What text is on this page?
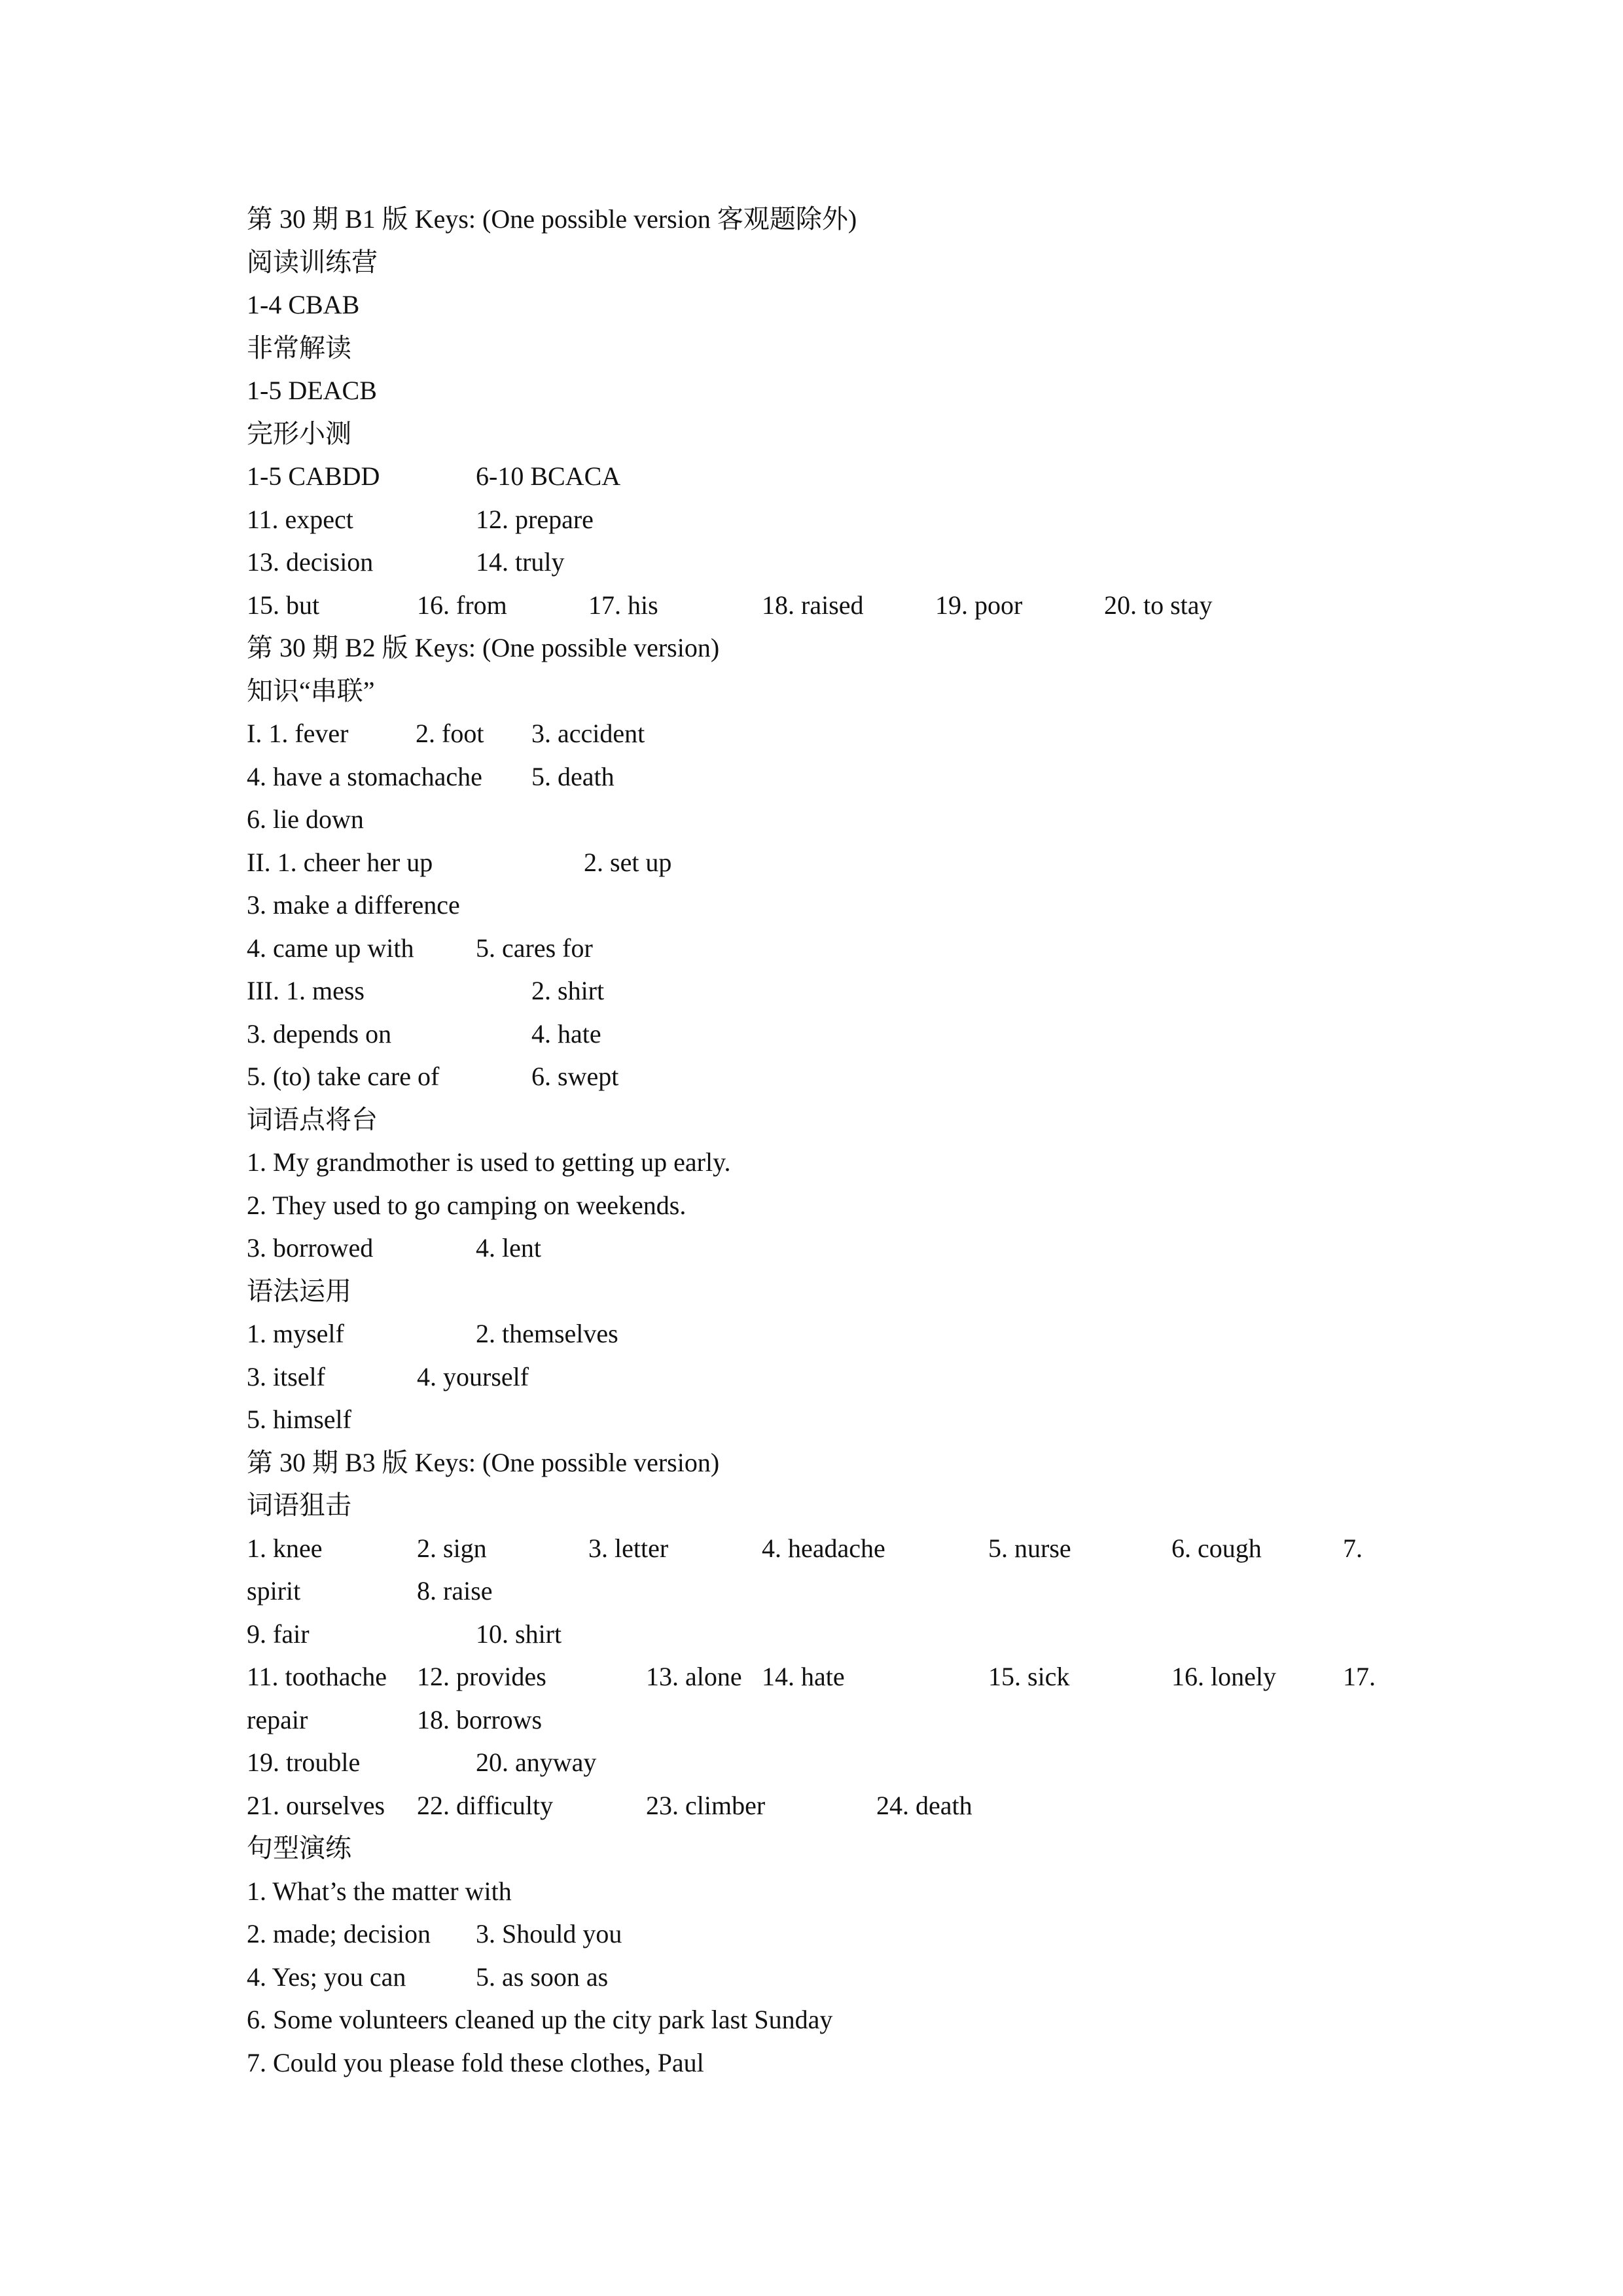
第 30 期 B1 版 Keys: (One possible version 客观题除外)
阅读训练营
1-4 CBAB
非常解读
1-5 DEACB
完形小测
1-5 CABDD	6-10 BCACA
11. expect	12. prepare
13. decision	14. truly
15. but	16. from	17. his	18. raised	19. poor	20. to stay
第 30 期 B2 版 Keys: (One possible version)
知识“串联”
I. 1. fever	2. foot 3. accident
4. have a stomachache 5. death
6. lie down
II. 1. cheer her up	2. set up
3. make a difference
4. came up with 5. cares for
III. 1. mess	2. shirt
3. depends on	4. hate
5. (to) take care of	6. swept
词语点将台
1. My grandmother is used to getting up early.
2. They used to go camping on weekends.
3. borrowed	4. lent
语法运用
1. myself	2. themselves
3. itself	4. yourself
5. himself
第 30 期 B3 版 Keys: (One possible version)
词语狙击
1. knee	2. sign	3. letter	4. headache	5. nurse	6. cough	7.
spirit	8. raise
9. fair	10. shirt
11. toothache 12. provides	13. alone 14. hate	15. sick	16. lonely	17.
repair	18. borrows
19. trouble	20. anyway
21. ourselves 22. difficulty	23. climber	24. death
句型演练
1. What’s the matter with
2. made; decision 3. Should you
4. Yes; you can	5. as soon as
6. Some volunteers cleaned up the city park last Sunday
7. Could you please fold these clothes, Paul
